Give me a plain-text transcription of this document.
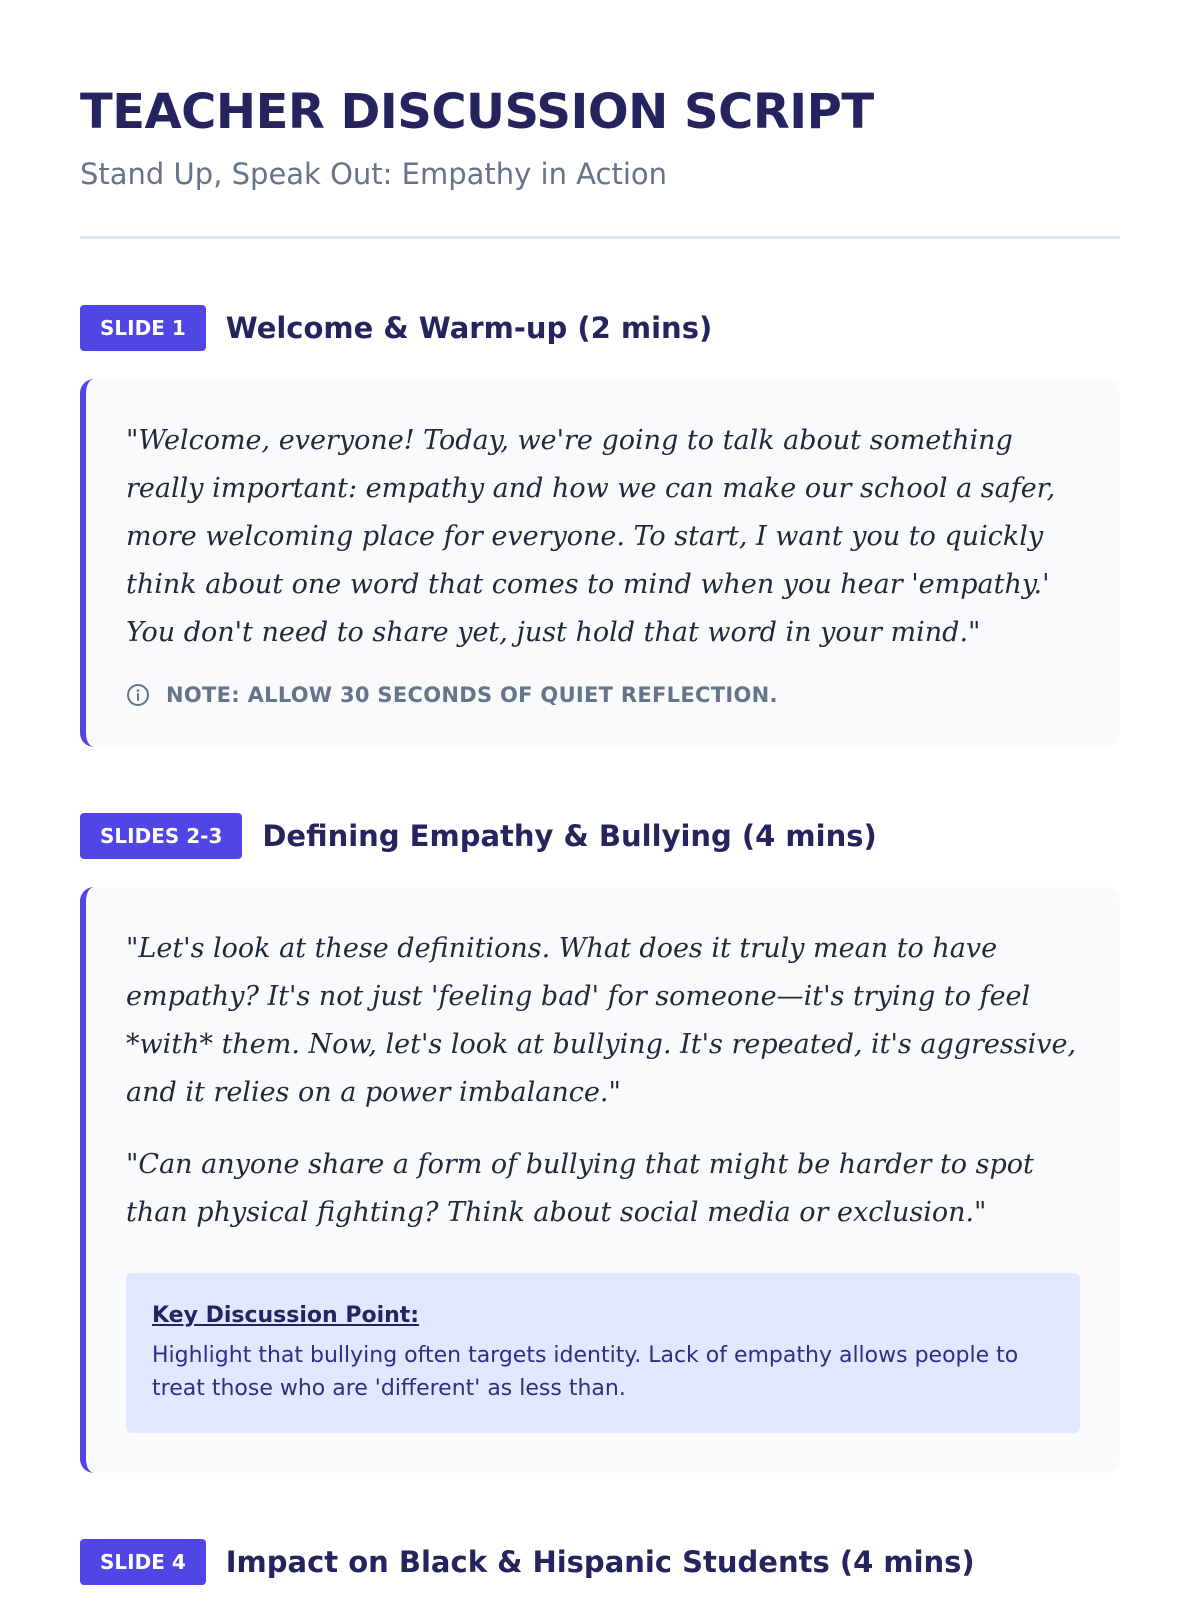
TEACHER DISCUSSION SCRIPT

Stand Up, Speak Out: Empathy in Action

SLIDE 1	Welcome & Warm-up (2 mins)

"Welcome, everyone! Today, we're going to talk about something really important: empathy and how we can make our school a safer, more welcoming place for everyone. To start, I want you to quickly think about one word that comes to mind when you hear 'empathy.' You don't need to share yet, just hold that word in your mind."

NOTE: ALLOW 30 SECONDS OF QUIET REFLECTION.
SLIDES 2-3	Defining Empathy & Bullying (4 mins)

"Let's look at these definitions. What does it truly mean to have empathy? It's not just 'feeling bad' for someone—it's trying to feel *with* them. Now, let's look at bullying. It's repeated, it's aggressive, and it relies on a power imbalance."

"Can anyone share a form of bullying that might be harder to spot than physical fighting? Think about social media or exclusion."

Key Discussion Point:
Highlight that bullying often targets identity. Lack of empathy allows people to treat those who are 'different' as less than.
SLIDE 4	Impact on Black & Hispanic Students (4 mins)
